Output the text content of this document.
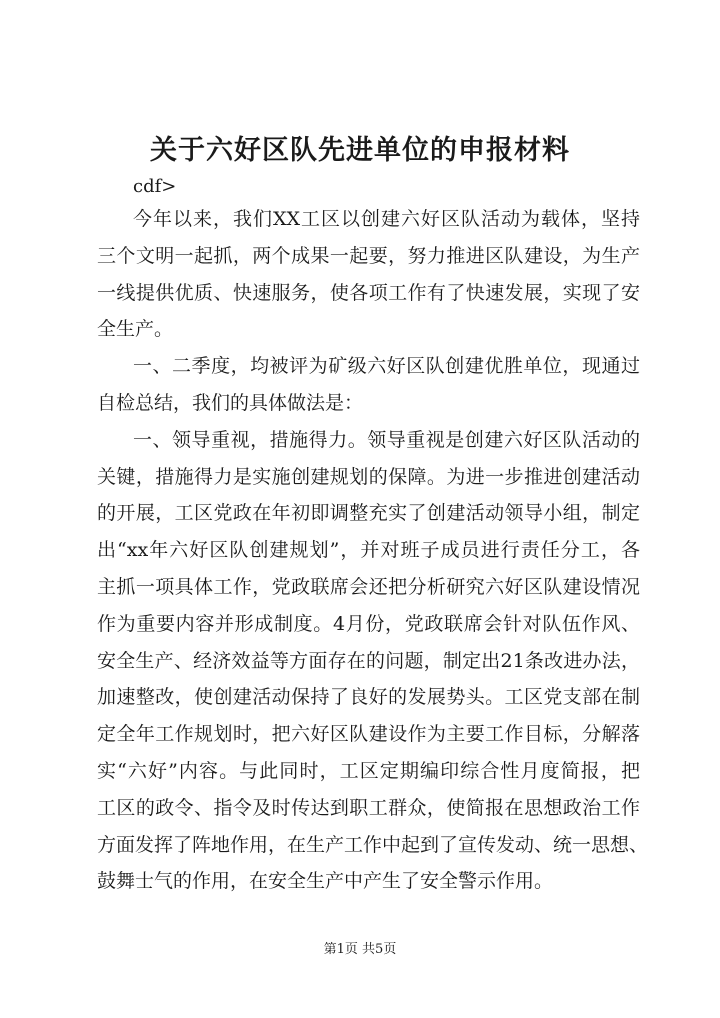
关于六好区队先进单位的申报材料
cdf>
今年以来，我们XX工区以创建六好区队活动为载体，坚持
三个文明一起抓，两个成果一起要，努力推进区队建设，为生产
一线提供优质、快速服务，使各项工作有了快速发展，实现了安
全生产。
一、二季度，均被评为矿级六好区队创建优胜单位，现通过
自检总结，我们的具体做法是：
一、领导重视，措施得力。领导重视是创建六好区队活动的
关键，措施得力是实施创建规划的保障。为进一步推进创建活动
的开展，工区党政在年初即调整充实了创建活动领导小组，制定
出“xx年六好区队创建规划”，并对班子成员进行责任分工，各
主抓一项具体工作，党政联席会还把分析研究六好区队建设情况
作为重要内容并形成制度。4月份，党政联席会针对队伍作风、
安全生产、经济效益等方面存在的问题，制定出21条改进办法，
加速整改，使创建活动保持了良好的发展势头。工区党支部在制
定全年工作规划时，把六好区队建设作为主要工作目标，分解落
实“六好”内容。与此同时，工区定期编印综合性月度简报，把
工区的政令、指令及时传达到职工群众，使简报在思想政治工作
方面发挥了阵地作用，在生产工作中起到了宣传发动、统一思想、
鼓舞士气的作用，在安全生产中产生了安全警示作用。
第1页 共5页
